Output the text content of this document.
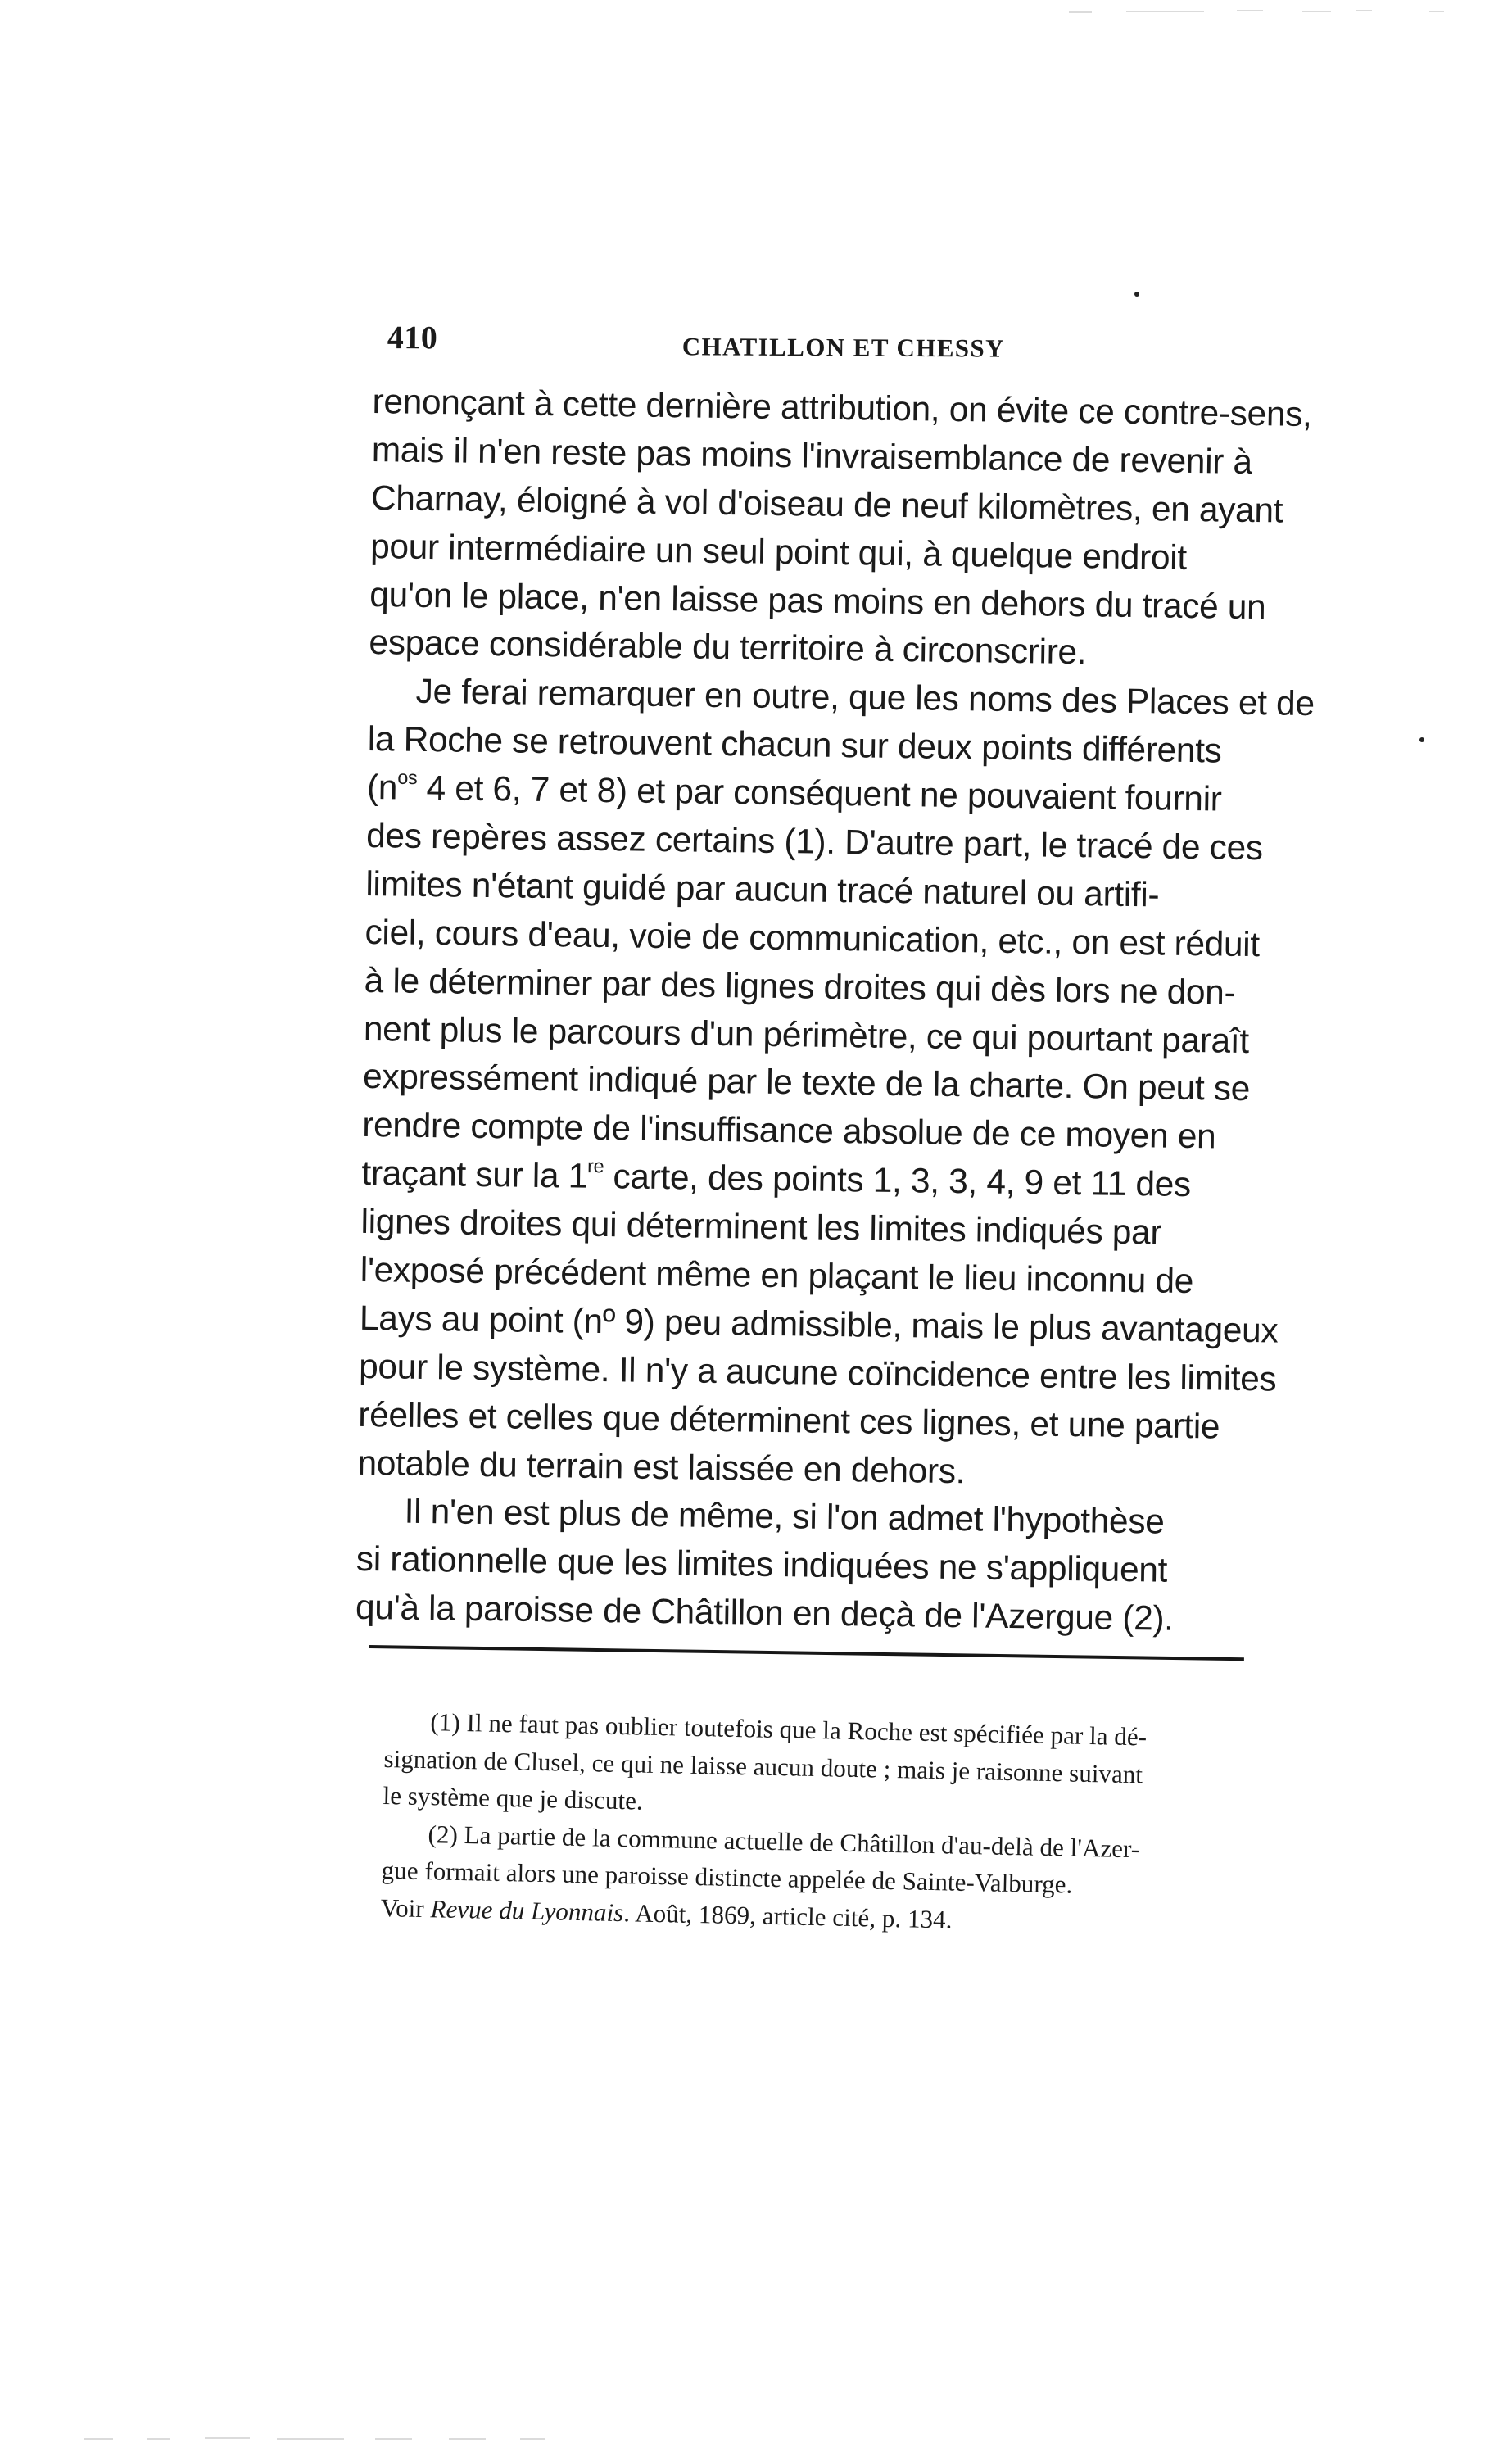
410	CHATILLON ET CHESSY
renonçant à cette dernière attribution, on évite ce contre-sens,
mais il n'en reste pas moins l'invraisemblance de revenir à
Charnay, éloigné à vol d'oiseau de neuf kilomètres, en ayant
pour intermédiaire un seul point qui, à quelque endroit
qu'on le place, n'en laisse pas moins en dehors du tracé un
espace considérable du territoire à circonscrire.
Je ferai remarquer en outre, que les noms des Places et de
la Roche se retrouvent chacun sur deux points différents
($n^{os}$ 4 et 6, 7 et 8) et par conséquent ne pouvaient fournir
des repères assez certains (1). D'autre part, le tracé de ces
limites n'étant guidé par aucun tracé naturel ou artifi-
ciel, cours d'eau, voie de communication, etc., on est réduit
à le déterminer par des lignes droites qui dès lors ne don-
nent plus le parcours d'un périmètre, ce qui pourtant paraît
expressément indiqué par le texte de la charte. On peut se
rendre compte de l'insuffisance absolue de ce moyen en
traçant sur la 1re carte, des points 1, 3, 3, 4, 9 et 11 des
lignes droites qui déterminent les limites indiqués par
l'exposé précédent même en plaçant le lieu inconnu de
Lays au point (nº 9) peu admissible, mais le plus avantageux
pour le système. Il n'y a aucune coïncidence entre les limites
réelles et celles que déterminent ces lignes, et une partie
notable du terrain est laissée en dehors.
Il n'en est plus de même, si l'on admet l'hypothèse
si rationnelle que les limites indiquées ne s'appliquent
qu'à la paroisse de Châtillon en deçà de l'Azergue (2).
(1) Il ne faut pas oublier toutefois que la Roche est spécifiée par la dé-
signation de Clusel, ce qui ne laisse aucun doute ; mais je raisonne suivant
le système que je discute.
(2) La partie de la commune actuelle de Châtillon d'au-delà de l'Azer-
gue formait alors une paroisse distincte appelée de Sainte-Valburge.
Voir Revue du Lyonnais. Août, 1869, article cité, p. 134.
